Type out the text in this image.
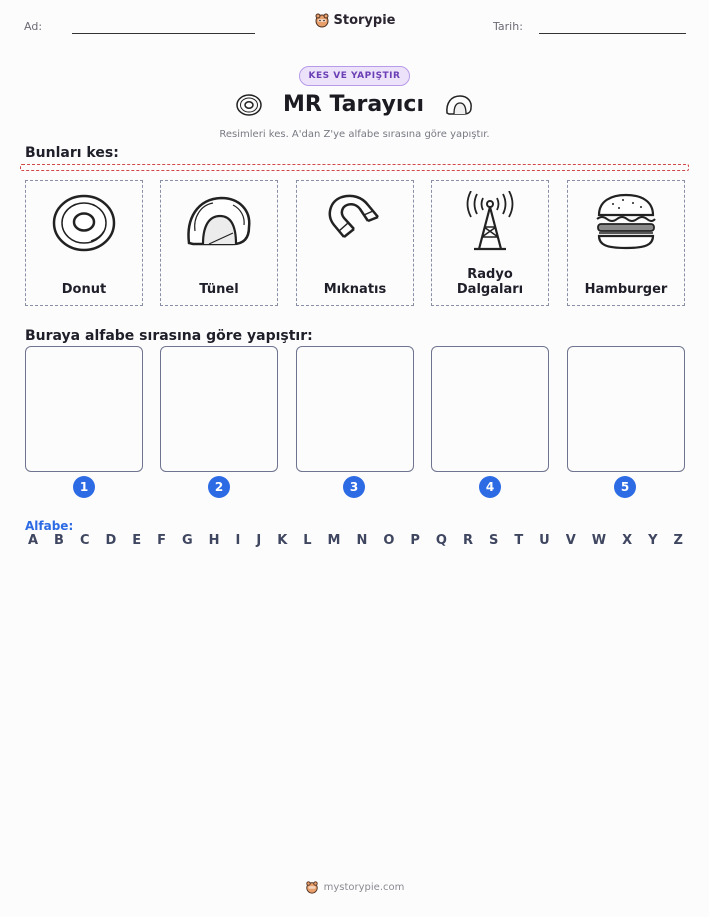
Ad:	Tarih:
Storypie
KES VE YAPIŞTIR
MR Tarayıcı
Resimleri kes. A'dan Z'ye alfabe sırasına göre yapıştır.
Bunları kes:
Donut	Tünel	Mıknatıs
Radyo Dalgaları	Hamburger
Buraya alfabe sırasına göre yapıştır:
1	2	3	4	5
Alfabe:
A B C D E F G H I J K L M N O P Q R S T U V W X Y Z
mystorypie.com
